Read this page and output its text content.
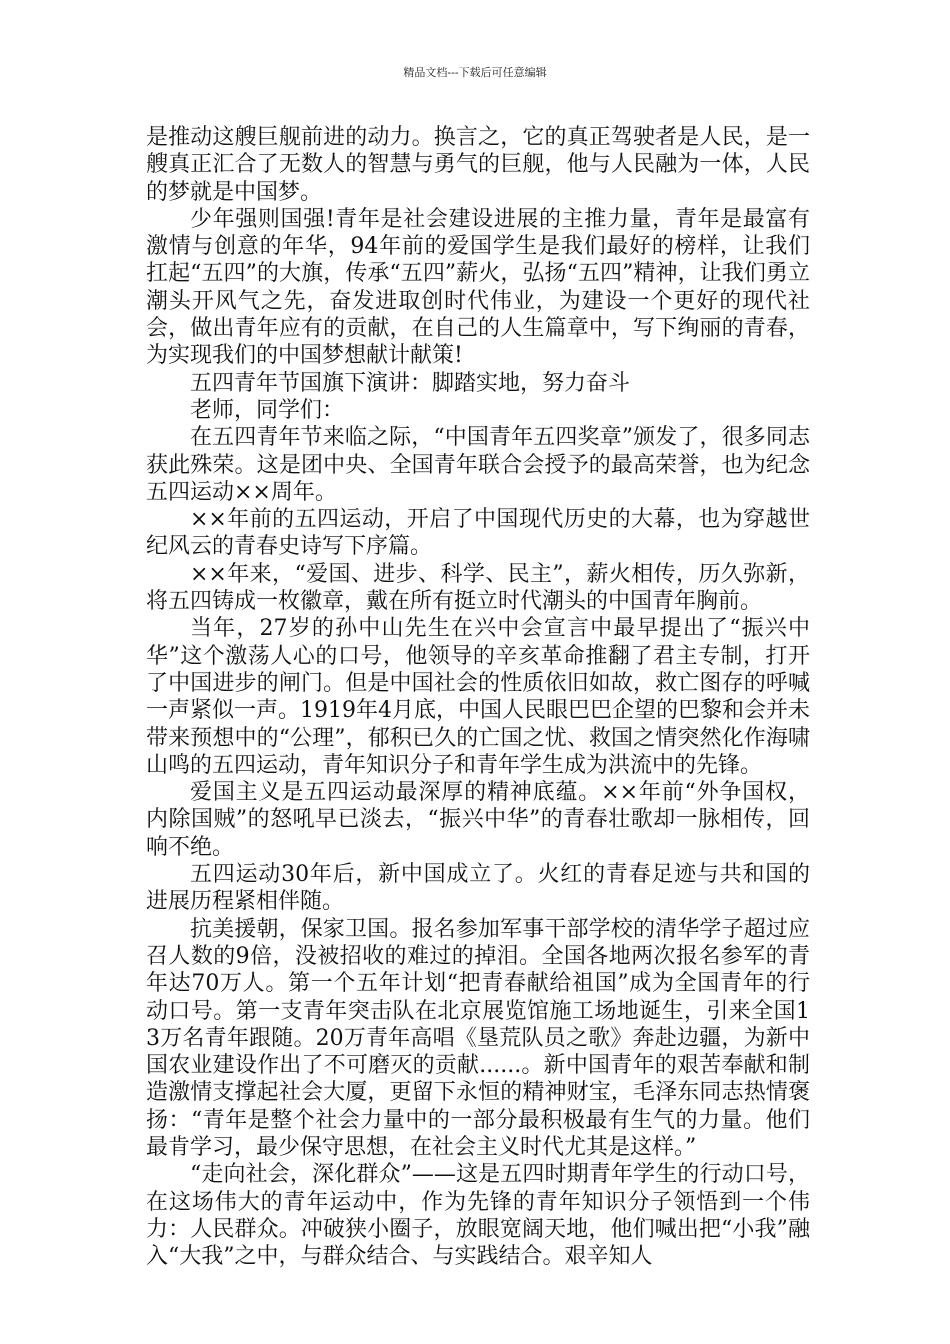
精品文档---下载后可任意编辑

是推动这艘巨舰前进的动力。换言之，它的真正驾驶者是人民，是一艘真正汇合了无数人的智慧与勇气的巨舰，他与人民融为一体，人民的梦就是中国梦。

少年强则国强!青年是社会建设进展的主推力量，青年是最富有激情与创意的年华，94年前的爱国学生是我们最好的榜样，让我们扛起“五四”的大旗，传承“五四”薪火，弘扬“五四”精神，让我们勇立潮头开风气之先，奋发进取创时代伟业，为建设一个更好的现代社会，做出青年应有的贡献，在自己的人生篇章中，写下绚丽的青春，为实现我们的中国梦想献计献策!

五四青年节国旗下演讲：脚踏实地，努力奋斗

老师，同学们：

在五四青年节来临之际，“中国青年五四奖章”颁发了，很多同志获此殊荣。这是团中央、全国青年联合会授予的最高荣誉，也为纪念五四运动××周年。

××年前的五四运动，开启了中国现代历史的大幕，也为穿越世纪风云的青春史诗写下序篇。

××年来，“爱国、进步、科学、民主”，薪火相传，历久弥新，将五四铸成一枚徽章，戴在所有挺立时代潮头的中国青年胸前。

当年，27岁的孙中山先生在兴中会宣言中最早提出了“振兴中华”这个激荡人心的口号，他领导的辛亥革命推翻了君主专制，打开了中国进步的闸门。但是中国社会的性质依旧如故，救亡图存的呼喊一声紧似一声。1919年4月底，中国人民眼巴巴企望的巴黎和会并未带来预想中的“公理”，郁积已久的亡国之忧、救国之情突然化作海啸山鸣的五四运动，青年知识分子和青年学生成为洪流中的先锋。

爱国主义是五四运动最深厚的精神底蕴。××年前“外争国权，内除国贼”的怒吼早已淡去，“振兴中华”的青春壮歌却一脉相传，回响不绝。

五四运动30年后，新中国成立了。火红的青春足迹与共和国的进展历程紧相伴随。

抗美援朝，保家卫国。报名参加军事干部学校的清华学子超过应召人数的9倍，没被招收的难过的掉泪。全国各地两次报名参军的青年达70万人。第一个五年计划“把青春献给祖国”成为全国青年的行动口号。第一支青年突击队在北京展览馆施工场地诞生，引来全国13万名青年跟随。20万青年高唱《垦荒队员之歌》奔赴边疆，为新中国农业建设作出了不可磨灭的贡献......。新中国青年的艰苦奉献和制造激情支撑起社会大厦，更留下永恒的精神财宝，毛泽东同志热情褒扬：“青年是整个社会力量中的一部分最积极最有生气的力量。他们最肯学习，最少保守思想，在社会主义时代尤其是这样。”

“走向社会，深化群众”——这是五四时期青年学生的行动口号，在这场伟大的青年运动中，作为先锋的青年知识分子领悟到一个伟力：人民群众。冲破狭小圈子，放眼宽阔天地，他们喊出把“小我”融入“大我”之中，与群众结合、与实践结合。艰辛知人
